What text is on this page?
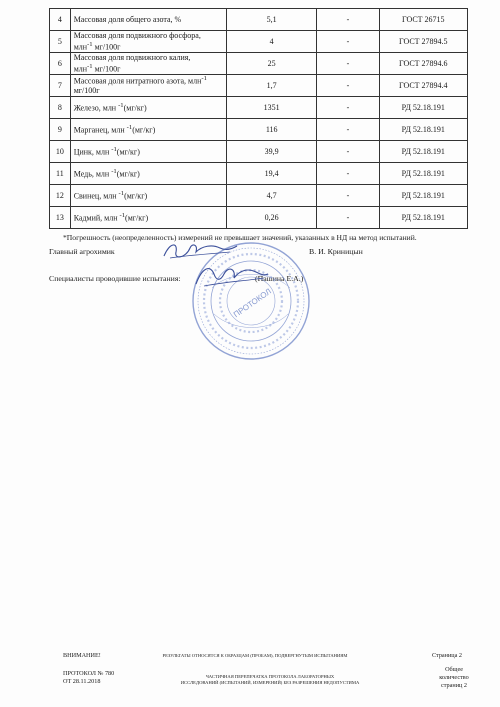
4	Массовая доля общего азота, %	5,1	-	ГОСТ 26715
5	Массовая доля подвижного фосфора,
млн$^{-1}$ мг/100г	4	-	ГОСТ 27894.5
6	Массовая доля подвижного калия,
млн$^{-1}$ мг/100г	25	-	ГОСТ 27894.6
7	Массовая доля нитратного азота, млн$^{-1}$
мг/100г	1,7	-	ГОСТ 27894.4
8	Железо, млн $^{-1}$(мг/кг)	1351	-	РД 52.18.191
9	Марганец, млн $^{-1}$(мг/кг)	116	-	РД 52.18.191
10	Цинк, млн $^{-1}$(мг/кг)	39,9	-	РД 52.18.191
11	Медь, млн $^{-1}$(мг/кг)	19,4	-	РД 52.18.191
12	Свинец, млн $^{-1}$(мг/кг)	4,7	-	РД 52.18.191
13	Кадмий, млн $^{-1}$(мг/кг)	0,26	-	РД 52.18.191
*Погрешность (неопределенность) измерений не превышает значений, указанных в НД на метод испытаний.
Главный агрохимик	В. И. Криницын
Специалисты проводившие испытания:	(Пашина Е.А.)
ПРОТОКОЛ
ВНИМАНИЕ!	РЕЗУЛЬТАТЫ ОТНОСЯТСЯ К ОБРАЗЦАМ (ПРОБАМ), ПОДВЕРГНУТЫМ ИСПЫТАНИЯМ	Страница 2
ПРОТОКОЛ № 780
ОТ 28.11.2018
ЧАСТИЧНАЯ ПЕРЕПЕЧАТКА ПРОТОКОЛА ЛАБОРАТОРНЫХ
ИССЛЕДОВАНИЙ (ИСПЫТАНИЙ, ИЗМЕРЕНИЙ) БЕЗ РАЗРЕШЕНИЯ НЕДОПУСТИМА
Общее
количество
страниц 2
